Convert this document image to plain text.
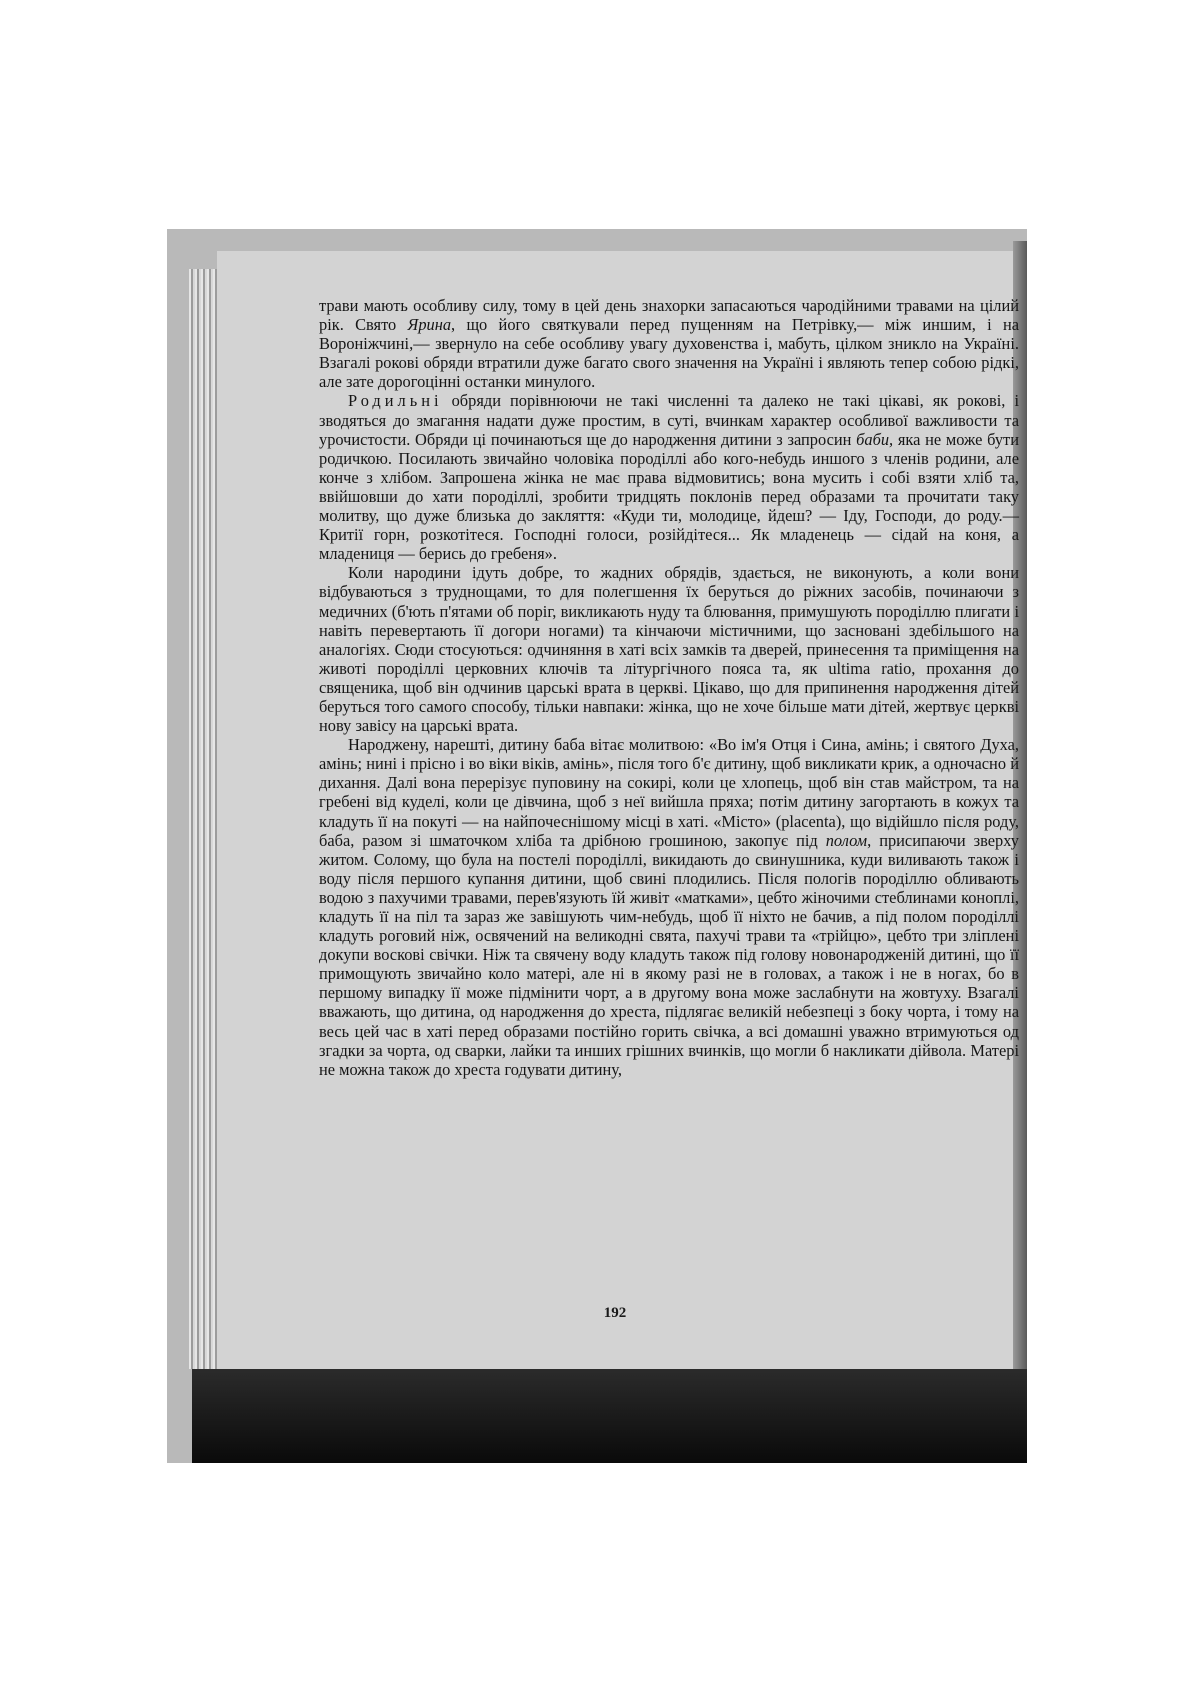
трави мають особливу силу, тому в цей день знахорки запасаються чародійними травами на цілий рік. Свято Ярина, що його святкували перед пущенням на Петрівку,— між иншим, і на Вороніжчині,— звернуло на себе особливу увагу духовенства і, мабуть, цілком зникло на Україні. Взагалі рокові обряди втратили дуже багато свого значення на Україні і являють тепер собою рідкі, але зате дорогоцінні останки минулого.

Родильні обряди порівнюючи не такі численні та далеко не такі цікаві, як рокові, і зводяться до змагання надати дуже простим, в суті, вчинкам характер особливої важливости та урочистости. Обряди ці починаються ще до народження дитини з запросин баби, яка не може бути родичкою. Посилають звичайно чоловіка породіллі або кого-небудь иншого з членів родини, але конче з хлібом. Запрошена жінка не має права відмовитись; вона мусить і собі взяти хліб та, ввійшовши до хати породіллі, зробити тридцять поклонів перед образами та прочитати таку молитву, що дуже близька до закляття: «Куди ти, молодице, йдеш? — Іду, Господи, до роду.— Критії горн, розкотітеся. Господні голоси, розійдітеся... Як младенець — сідай на коня, а младениця — берись до гребеня».

Коли народини ідуть добре, то жадних обрядів, здається, не виконують, а коли вони відбуваються з труднощами, то для полегшення їх беруться до ріжних засобів, починаючи з медичних (б'ють п'ятами об поріг, викликають нуду та блювання, примушують породіллю плигати і навіть перевертають її догори ногами) та кінчаючи містичними, що засновані здебільшого на аналогіях. Сюди стосуються: одчиняння в хаті всіх замків та дверей, принесення та приміщення на животі породіллі церковних ключів та літургічного пояса та, як ultima ratio, прохання до священика, щоб він одчинив царські врата в церкві. Цікаво, що для припинення народження дітей беруться того самого способу, тільки навпаки: жінка, що не хоче більше мати дітей, жертвує церкві нову завісу на царські врата.

Народжену, нарешті, дитину баба вітає молитвою: «Во ім'я Отця і Сина, амінь; і святого Духа, амінь; нині і прісно і во віки віків, амінь», після того б'є дитину, щоб викликати крик, а одночасно й дихання. Далі вона перерізує пуповину на сокирі, коли це хлопець, щоб він став майстром, та на гребені від куделі, коли це дівчина, щоб з неї вийшла пряха; потім дитину загортають в кожух та кладуть її на покуті — на найпочеснішому місці в хаті. «Місто» (placenta), що відійшло після роду, баба, разом зі шматочком хліба та дрібною грошиною, закопує під полом, присипаючи зверху житом. Солому, що була на постелі породіллі, викидають до свинушника, куди виливають також і воду після першого купання дитини, щоб свині плодились. Після пологів породіллю обливають водою з пахучими травами, перев'язують їй живіт «матками», цебто жіночими стеблинами коноплі, кладуть її на піл та зараз же завішують чим-небудь, щоб її ніхто не бачив, а під полом породіллі кладуть роговий ніж, освячений на великодні свята, пахучі трави та «трійцю», цебто три зліплені докупи воскові свічки. Ніж та свячену воду кладуть також під голову новонародженій дитині, що її примощують звичайно коло матері, але ні в якому разі не в головах, а також і не в ногах, бо в першому випадку її може підмінити чорт, а в другому вона може заслабнути на жовтуху. Взагалі вважають, що дитина, од народження до хреста, підлягає великій небезпеці з боку чорта, і тому на весь цей час в хаті перед образами постійно горить свічка, а всі домашні уважно втримуються од згадки за чорта, од сварки, лайки та инших грішних вчинків, що могли б накликати дійвола. Матері не можна також до хреста годувати дитину,

192
